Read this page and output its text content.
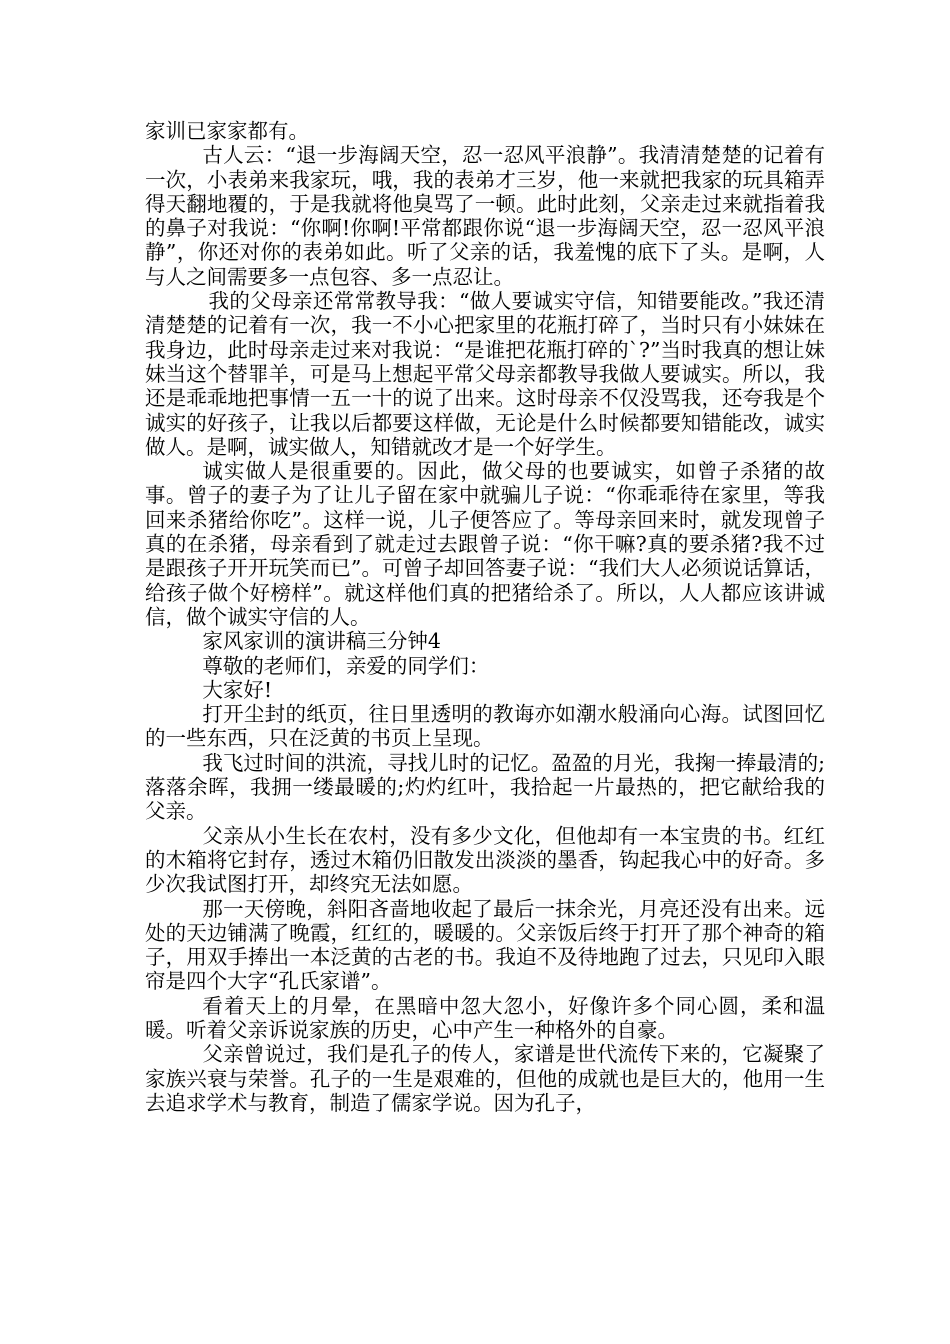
家训已家家都有。

古人云：“退一步海阔天空，忍一忍风平浪静”。我清清楚楚的记着有一次，小表弟来我家玩，哦，我的表弟才三岁，他一来就把我家的玩具箱弄得天翻地覆的，于是我就将他臭骂了一顿。此时此刻，父亲走过来就指着我的鼻子对我说：“你啊!你啊!平常都跟你说“退一步海阔天空，忍一忍风平浪静”，你还对你的表弟如此。听了父亲的话，我羞愧的底下了头。是啊，人与人之间需要多一点包容、多一点忍让。

我的父母亲还常常教导我：“做人要诚实守信，知错要能改。”我还清清楚楚的记着有一次，我一不小心把家里的花瓶打碎了，当时只有小妹妹在我身边，此时母亲走过来对我说：“是谁把花瓶打碎的`?”当时我真的想让妹妹当这个替罪羊，可是马上想起平常父母亲都教导我做人要诚实。所以，我还是乖乖地把事情一五一十的说了出来。这时母亲不仅没骂我，还夸我是个诚实的好孩子，让我以后都要这样做，无论是什么时候都要知错能改，诚实做人。是啊，诚实做人，知错就改才是一个好学生。

诚实做人是很重要的。因此，做父母的也要诚实，如曾子杀猪的故事。曾子的妻子为了让儿子留在家中就骗儿子说：“你乖乖待在家里，等我回来杀猪给你吃”。这样一说，儿子便答应了。等母亲回来时，就发现曾子真的在杀猪，母亲看到了就走过去跟曾子说：“你干嘛?真的要杀猪?我不过是跟孩子开开玩笑而已”。可曾子却回答妻子说：“我们大人必须说话算话，给孩子做个好榜样”。就这样他们真的把猪给杀了。所以，人人都应该讲诚信，做个诚实守信的人。

家风家训的演讲稿三分钟4

尊敬的老师们，亲爱的同学们：

大家好!

打开尘封的纸页，往日里透明的教诲亦如潮水般涌向心海。试图回忆的一些东西，只在泛黄的书页上呈现。

我飞过时间的洪流，寻找儿时的记忆。盈盈的月光，我掬一捧最清的;落落余晖，我拥一缕最暖的;灼灼红叶，我拾起一片最热的，把它献给我的父亲。

父亲从小生长在农村，没有多少文化，但他却有一本宝贵的书。红红的木箱将它封存，透过木箱仍旧散发出淡淡的墨香，钩起我心中的好奇。多少次我试图打开，却终究无法如愿。

那一天傍晚，斜阳吝啬地收起了最后一抹余光，月亮还没有出来。远处的天边铺满了晚霞，红红的，暖暖的。父亲饭后终于打开了那个神奇的箱子，用双手捧出一本泛黄的古老的书。我迫不及待地跑了过去，只见印入眼帘是四个大字“孔氏家谱”。

看着天上的月晕，在黑暗中忽大忽小，好像许多个同心圆，柔和温暖。听着父亲诉说家族的历史，心中产生一种格外的自豪。

父亲曾说过，我们是孔子的传人，家谱是世代流传下来的，它凝聚了家族兴衰与荣誉。孔子的一生是艰难的，但他的成就也是巨大的，他用一生去追求学术与教育，制造了儒家学说。因为孔子，
